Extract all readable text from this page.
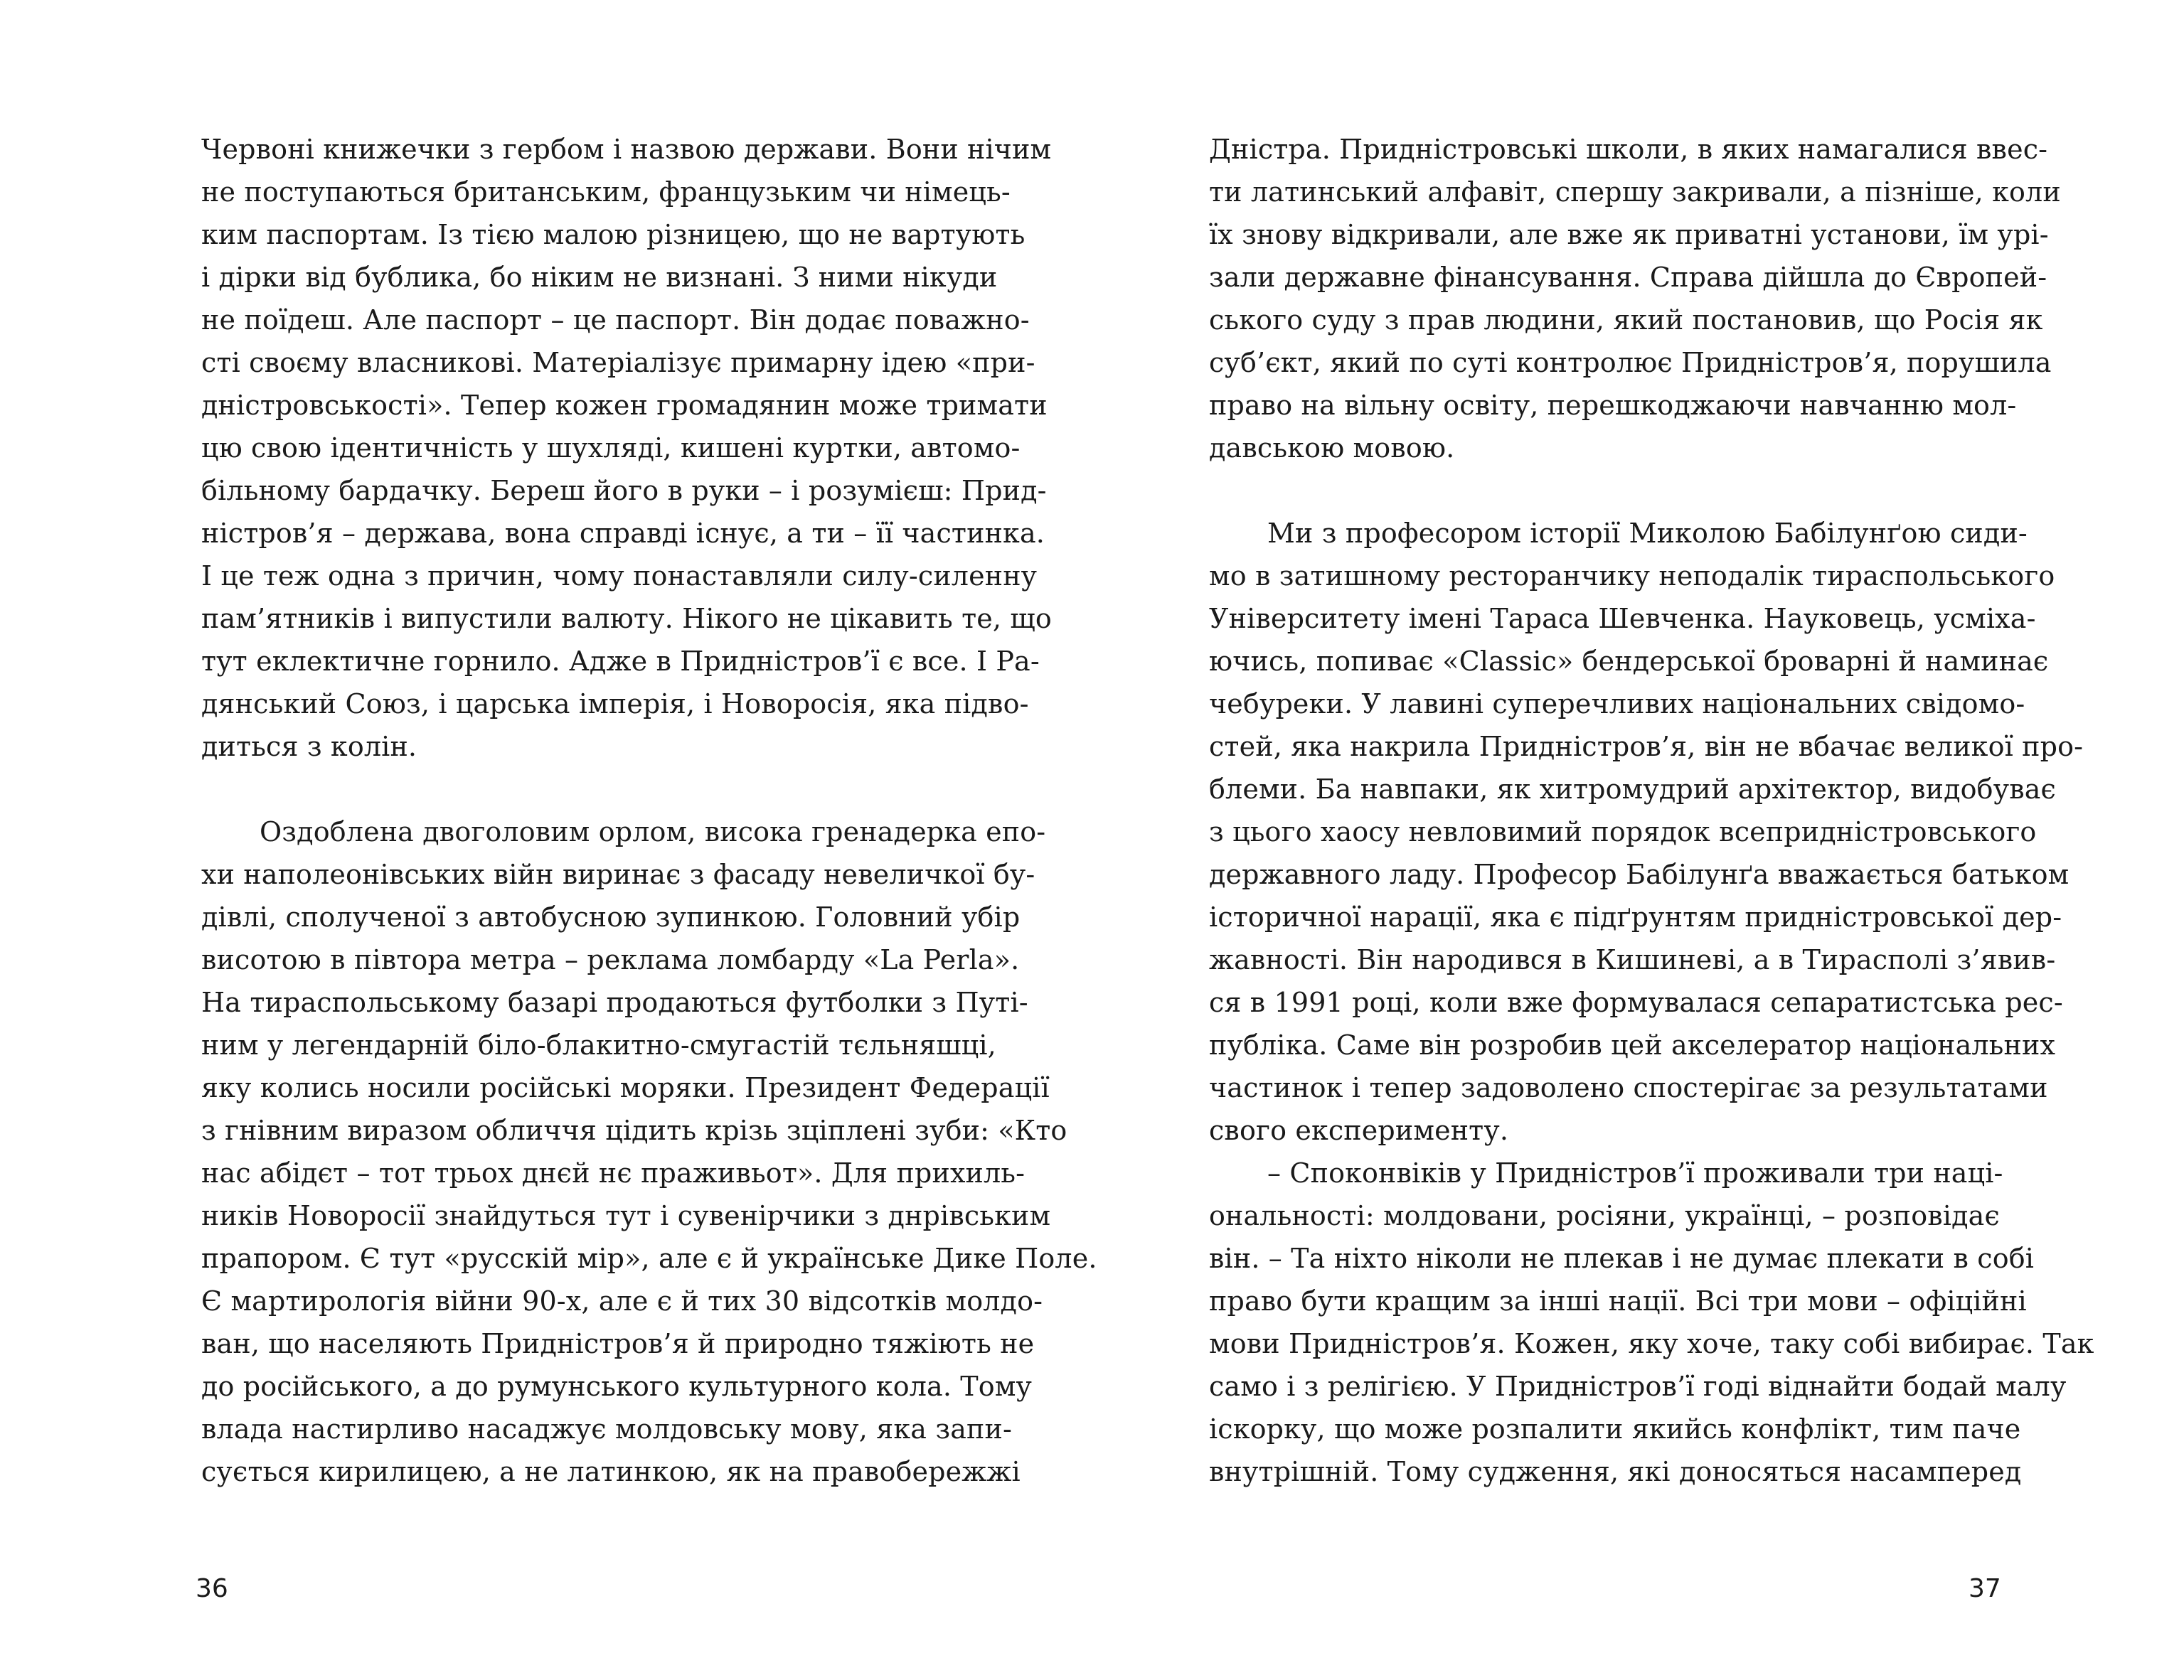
Червоні книжечки з гербом і назвою держави. Вони нічим
не поступаються британським, французьким чи німець-
ким паспортам. Із тією малою різницею, що не вартують
і дірки від бублика, бо ніким не визнані. З ними нікуди
не поїдеш. Але паспорт – це паспорт. Він додає поважно-
сті своєму власникові. Матеріалізує примарну ідею «при-
дністровськості». Тепер кожен громадянин може тримати
цю свою ідентичність у шухляді, кишені куртки, автомо-
більному бардачку. Береш його в руки – і розумієш: Прид-
ністров’я – держава, вона справді існує, а ти – її частинка.
І це теж одна з причин, чому понаставляли силу-силенну
пам’ятників і випустили валюту. Нікого не цікавить те, що
тут еклектичне горнило. Адже в Придністров’ї є все. І Ра-
дянський Союз, і царська імперія, і Новоросія, яка підво-
диться з колін.
Оздоблена двоголовим орлом, висока гренадерка епо-
хи наполеонівських війн виринає з фасаду невеличкої бу-
дівлі, сполученої з автобусною зупинкою. Головний убір
висотою в півтора метра – реклама ломбарду «La Perla».
На тираспольському базарі продаються футболки з Путі-
ним у легендарній біло-блакитно-смугастій тєльняшці,
яку колись носили російські моряки. Президент Федерації
з гнівним виразом обличчя цідить крізь зціплені зуби: «Кто
нас абідєт – тот трьох днєй нє праживьот». Для прихиль-
ників Новоросії знайдуться тут і сувенірчики з днрівським
прапором. Є тут «русскій мір», але є й українське Дике Поле.
Є мартирологія війни 90-х, але є й тих 30 відсотків молдо-
ван, що населяють Придністров’я й природно тяжіють не
до російського, а до румунського культурного кола. Тому
влада настирливо насаджує молдовську мову, яка запи-
сується кирилицею, а не латинкою, як на правобережжі
Дністра. Придністровські школи, в яких намагалися ввес-
ти латинський алфавіт, спершу закривали, а пізніше, коли
їх знову відкривали, але вже як приватні установи, їм урі-
зали державне фінансування. Справа дійшла до Європей-
ського суду з прав людини, який постановив, що Росія як
суб’єкт, який по суті контролює Придністров’я, порушила
право на вільну освіту, перешкоджаючи навчанню мол-
давською мовою.
Ми з професором історії Миколою Бабілунґою сиди-
мо в затишному ресторанчику неподалік тираспольського
Університету імені Тараса Шевченка. Науковець, усміха-
ючись, попиває «Classic» бендерської броварні й наминає
чебуреки. У лавині суперечливих національних свідомо-
стей, яка накрила Придністров’я, він не вбачає великої про-
блеми. Ба навпаки, як хитромудрий архітектор, видобуває
з цього хаосу невловимий порядок всепридністровського
державного ладу. Професор Бабілунґа вважається батьком
історичної нарації, яка є підґрунтям придністровської дер-
жавності. Він народився в Кишиневі, а в Тирасполі з’явив-
ся в 1991 році, коли вже формувалася сепаратистська рес-
публіка. Саме він розробив цей акселератор національних
частинок і тепер задоволено спостерігає за результатами
свого експерименту.
– Споконвіків у Придністров’ї проживали три наці-
ональності: молдовани, росіяни, українці, – розповідає
він. – Та ніхто ніколи не плекав і не думає плекати в собі
право бути кращим за інші нації. Всі три мови – офіційні
мови Придністров’я. Кожен, яку хоче, таку собі вибирає. Так
само і з релігією. У Придністров’ї годі віднайти бодай малу
іскорку, що може розпалити якийсь конфлікт, тим паче
внутрішній. Тому судження, які доносяться насамперед
36	37
